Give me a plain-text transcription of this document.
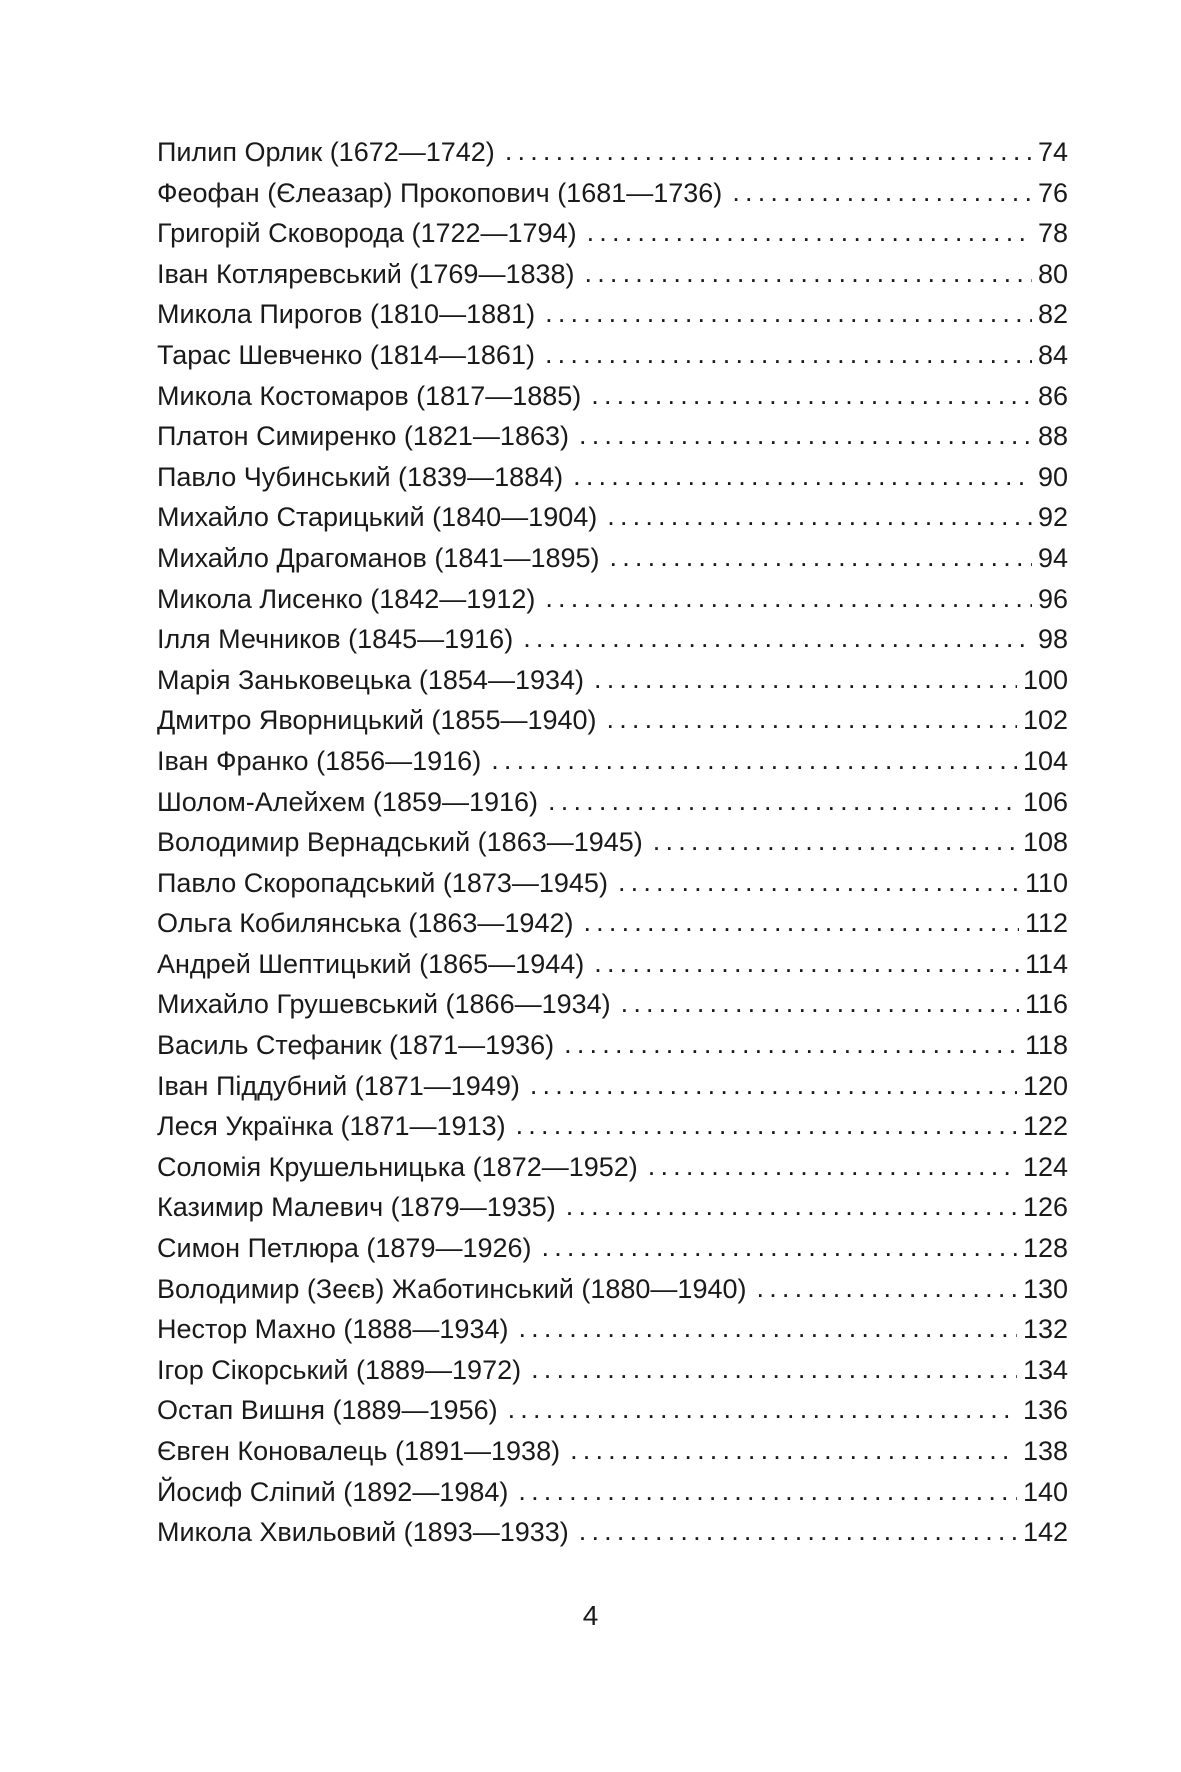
Пилип Орлик (1672—1742) .....	74
Феофан (Єлеазар) Прокопович (1681—1736) .....	76
Григорій Сковорода (1722—1794) .....	78
Іван Котляревський (1769—1838) .....	80
Микола Пирогов (1810—1881) .....	82
Тарас Шевченко (1814—1861) .....	84
Микола Костомаров (1817—1885) .....	86
Платон Симиренко (1821—1863) .....	88
Павло Чубинський (1839—1884) .....	90
Михайло Старицький (1840—1904) .....	92
Михайло Драгоманов (1841—1895) .....	94
Микола Лисенко (1842—1912) .....	96
Ілля Мечников (1845—1916) .....	98
Марія Заньковецька (1854—1934) .....	100
Дмитро Яворницький (1855—1940) .....	102
Іван Франко (1856—1916) .....	104
Шолом-Алейхем (1859—1916) .....	106
Володимир Вернадський (1863—1945) .....	108
Павло Скоропадський (1873—1945) .....	110
Ольга Кобилянська (1863—1942) .....	112
Андрей Шептицький (1865—1944) .....	114
Михайло Грушевський (1866—1934) .....	116
Василь Стефаник (1871—1936) .....	118
Іван Піддубний (1871—1949) .....	120
Леся Українка (1871—1913) .....	122
Соломія Крушельницька (1872—1952) .....	124
Казимир Малевич (1879—1935) .....	126
Симон Петлюра (1879—1926) .....	128
Володимир (Зеєв) Жаботинський (1880—1940) .....	130
Нестор Махно (1888—1934) .....	132
Ігор Сікорський (1889—1972) .....	134
Остап Вишня (1889—1956) .....	136
Євген Коновалець (1891—1938) .....	138
Йосиф Сліпий (1892—1984) .....	140
Микола Хвильовий (1893—1933) .....	142
4
